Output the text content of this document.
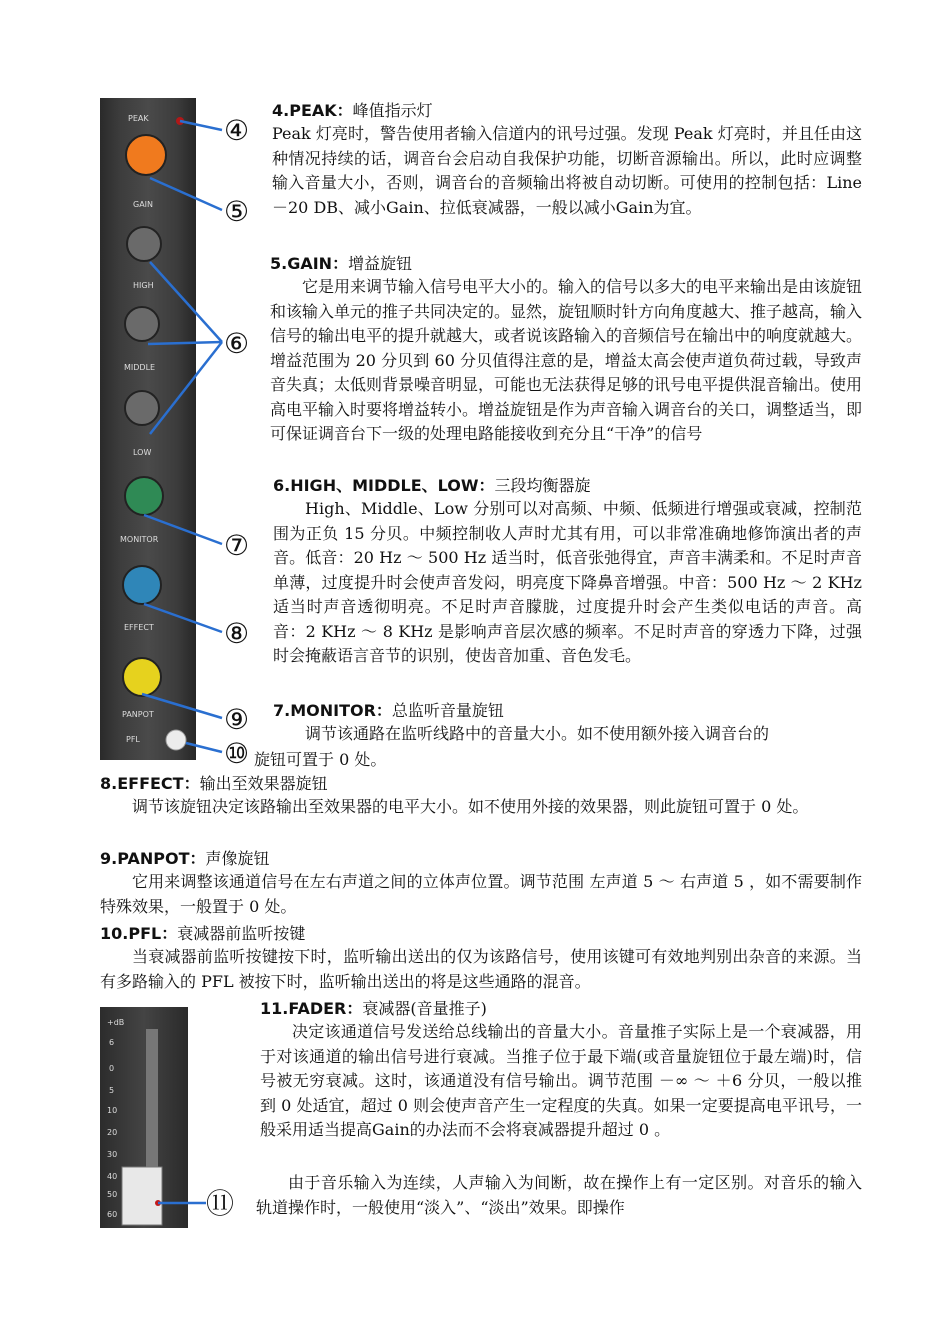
PEAK
GAIN
HIGH
MIDDLE
LOW
MONITOR
EFFECT
PANPOT
PFL
④
⑤
⑥
⑦
⑧
⑨
⑩
4.PEAK：峰值指示灯

Peak 灯亮时，警告使用者输入信道内的讯号过强。发现 Peak 灯亮时，并且任由这种情况持续的话，调音台会启动自我保护功能，切断音源输出。所以，此时应调整输入音量大小，否则，调音台的音频输出将被自动切断。可使用的控制包括：Line －20 DB、减小Gain、拉低衰减器，一般以减小Gain为宜。

5.GAIN：增益旋钮

它是用来调节输入信号电平大小的。输入的信号以多大的电平来输出是由该旋钮和该输入单元的推子共同决定的。显然，旋钮顺时针方向角度越大、推子越高，输入信号的输出电平的提升就越大，或者说该路输入的音频信号在输出中的响度就越大。增益范围为 20 分贝到 60 分贝值得注意的是，增益太高会使声道负荷过载，导致声音失真；太低则背景噪音明显，可能也无法获得足够的讯号电平提供混音输出。使用高电平输入时要将增益转小。增益旋钮是作为声音输入调音台的关口，调整适当，即可保证调音台下一级的处理电路能接收到充分且“干净”的信号

6.HIGH、MIDDLE、LOW：三段均衡器旋

High、Middle、Low 分别可以对高频、中频、低频进行增强或衰减，控制范围为正负 15 分贝。中频控制收人声时尤其有用，可以非常准确地修饰演出者的声音。低音：20 Hz ～ 500 Hz 适当时，低音张弛得宜，声音丰满柔和。不足时声音单薄，过度提升时会使声音发闷，明亮度下降鼻音增强。中音：500 Hz ～ 2 KHz 适当时声音透彻明亮。不足时声音朦胧，过度提升时会产生类似电话的声音。高音：2 KHz ～ 8 KHz 是影响声音层次感的频率。不足时声音的穿透力下降，过强时会掩蔽语言音节的识别，使齿音加重、音色发毛。

7.MONITOR：总监听音量旋钮

调节该通路在监听线路中的音量大小。如不使用额外接入调音台的

旋钮可置于 0 处。

8.EFFECT：输出至效果器旋钮

调节该旋钮决定该路输出至效果器的电平大小。如不使用外接的效果器，则此旋钮可置于 0 处。

9.PANPOT：声像旋钮

它用来调整该通道信号在左右声道之间的立体声位置。调节范围 左声道 5 ～ 右声道 5 ，如不需要制作特殊效果，一般置于 0 处。

10.PFL：衰减器前监听按键

当衰减器前监听按键按下时，监听输出送出的仅为该路信号，使用该键可有效地判别出杂音的来源。当有多路输入的 PFL 被按下时，监听输出送出的将是这些通路的混音。

+dB
6
0
5
10
20
30
40
50
60	⑪
11.FADER：衰减器(音量推子)

决定该通道信号发送给总线输出的音量大小。音量推子实际上是一个衰减器，用于对该通道的输出信号进行衰减。当推子位于最下端(或音量旋钮位于最左端)时，信号被无穷衰减。这时，该通道没有信号输出。调节范围 －∞ ～ ＋6 分贝，一般以推到 0 处适宜，超过 0 则会使声音产生一定程度的失真。如果一定要提高电平讯号，一般采用适当提高Gain的办法而不会将衰减器提升超过 0 。

由于音乐输入为连续，人声输入为间断，故在操作上有一定区别。对音乐的输入轨道操作时，一般使用“淡入”、“淡出”效果。即操作
